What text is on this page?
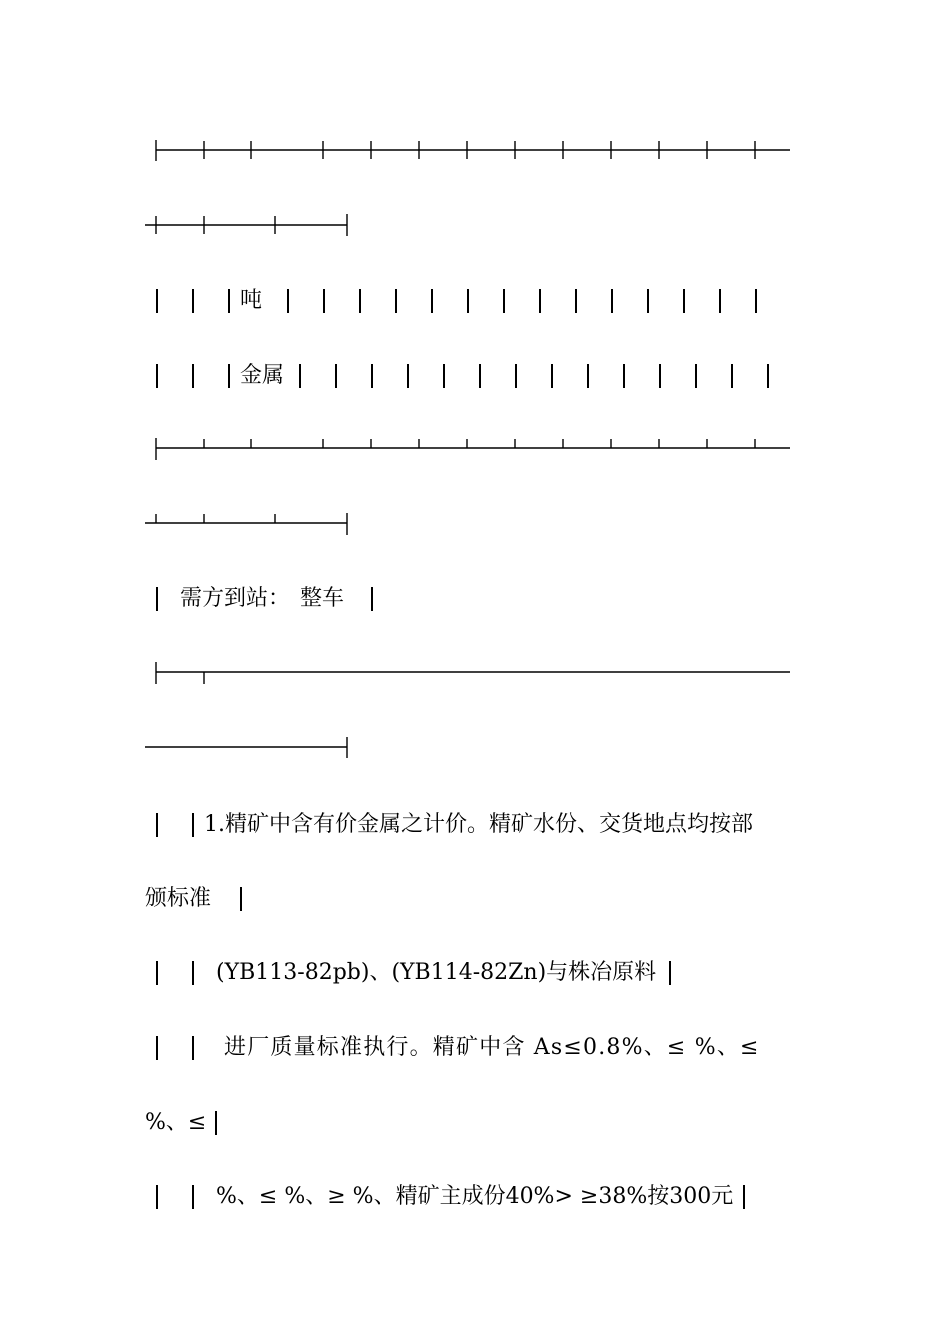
吨
金属
需方到站： 整车
1.精矿中含有价金属之计价。精矿水份、交货地点均按部
颁标准
(YB113-82pb)、(YB114-82Zn)与株冶原料
进厂质量标准执行。精矿中含 As≤0.8%、≤ %、≤
%、≤
%、≤ %、≥ %、精矿主成份40%> ≥38%按300元
